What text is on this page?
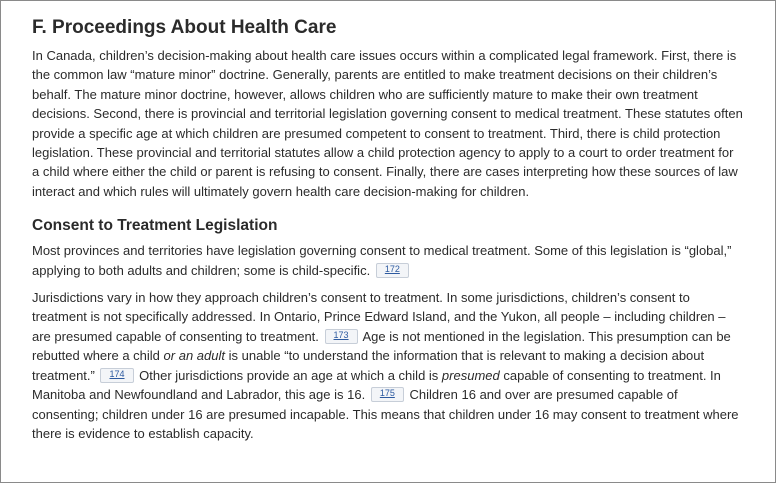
F. Proceedings About Health Care

In Canada, children’s decision-making about health care issues occurs within a complicated legal framework. First, there is the common law “mature minor” doctrine. Generally, parents are entitled to make treatment decisions on their children’s behalf. The mature minor doctrine, however, allows children who are sufficiently mature to make their own treatment decisions. Second, there is provincial and territorial legislation governing consent to medical treatment. These statutes often provide a specific age at which children are presumed competent to consent to treatment. Third, there is child protection legislation. These provincial and territorial statutes allow a child protection agency to apply to a court to order treatment for a child where either the child or parent is refusing to consent. Finally, there are cases interpreting how these sources of law interact and which rules will ultimately govern health care decision-making for children.

Consent to Treatment Legislation

Most provinces and territories have legislation governing consent to medical treatment. Some of this legislation is “global,” applying to both adults and children; some is child-specific. 172

Jurisdictions vary in how they approach children’s consent to treatment. In some jurisdictions, children’s consent to treatment is not specifically addressed. In Ontario, Prince Edward Island, and the Yukon, all people – including children – are presumed capable of consenting to treatment. 173 Age is not mentioned in the legislation. This presumption can be rebutted where a child or an adult is unable “to understand the information that is relevant to making a decision about treatment.” 174 Other jurisdictions provide an age at which a child is presumed capable of consenting to treatment. In Manitoba and Newfoundland and Labrador, this age is 16. 175 Children 16 and over are presumed capable of consenting; children under 16 are presumed incapable. This means that children under 16 may consent to treatment where there is evidence to establish capacity.
